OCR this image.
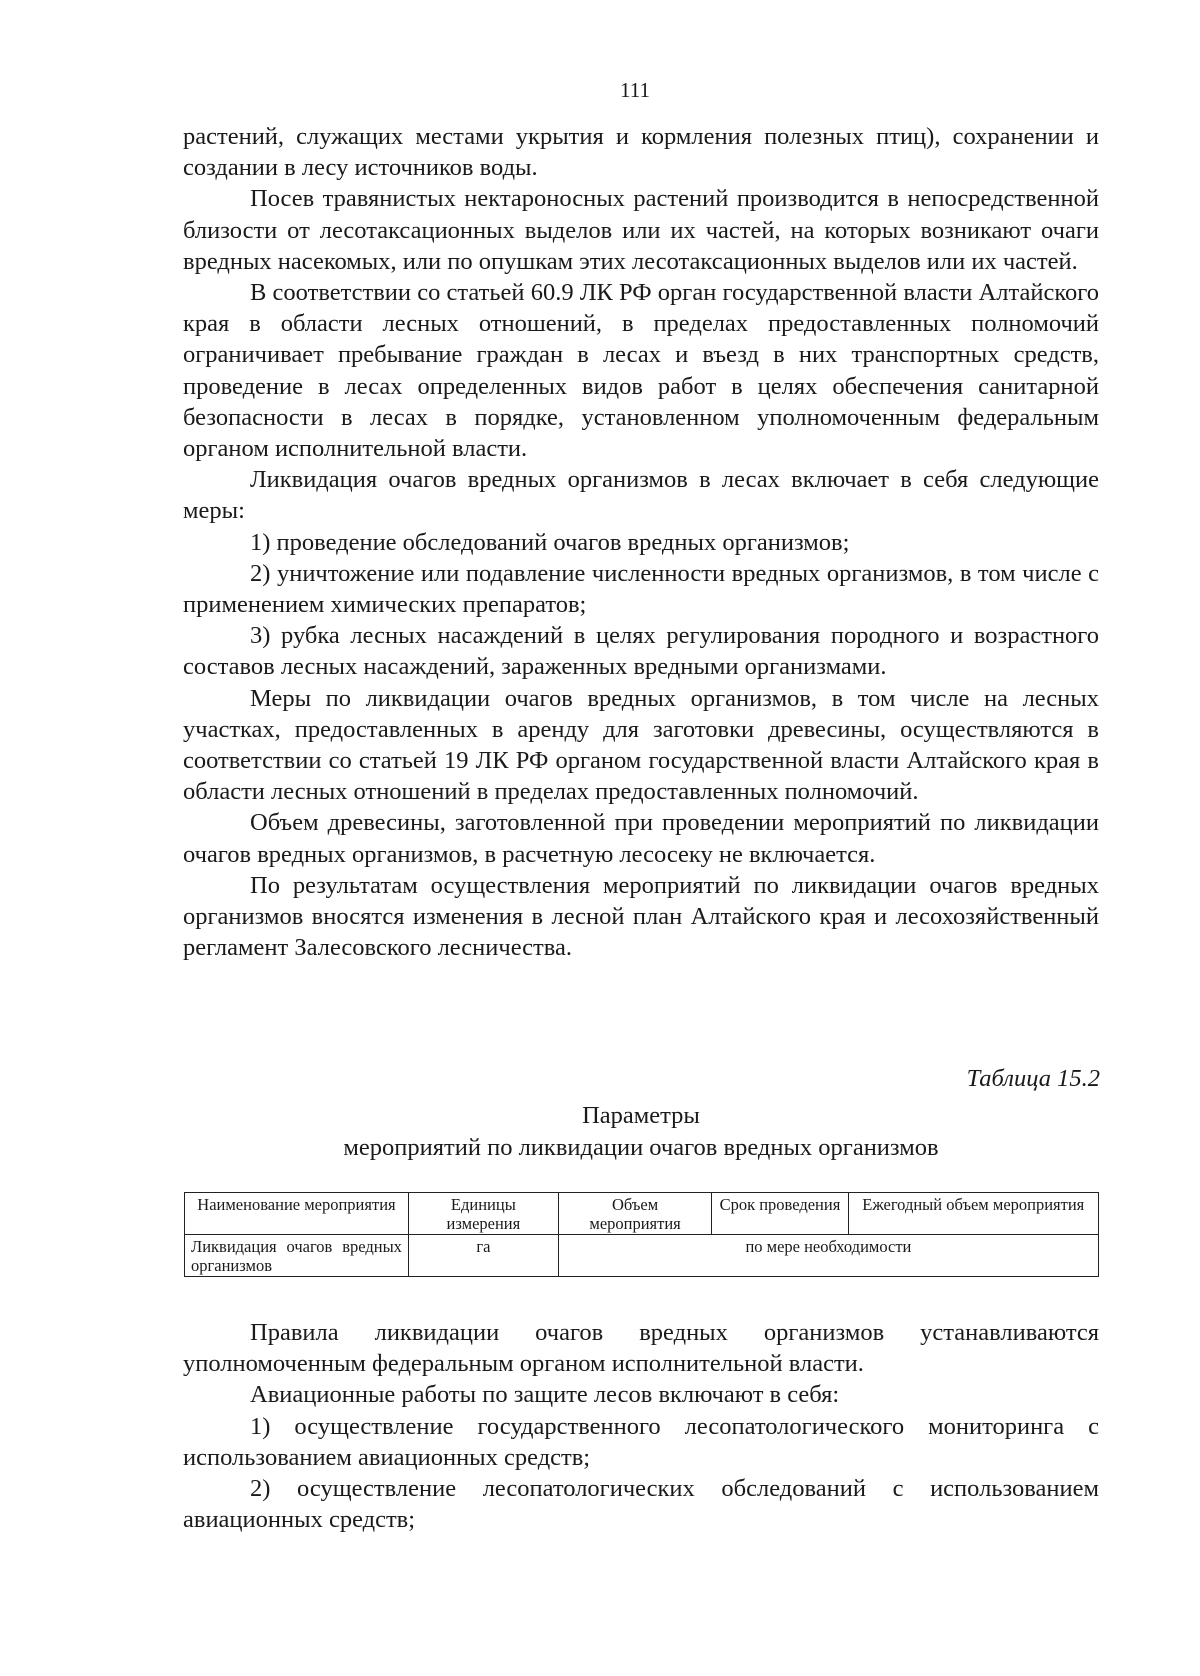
111

растений, служащих местами укрытия и кормления полезных птиц), сохранении и создании в лесу источников воды.

Посев травянистых нектароносных растений производится в непосредственной близости от лесотаксационных выделов или их частей, на которых возникают очаги вредных насекомых, или по опушкам этих лесотаксационных выделов или их частей.

В соответствии со статьей 60.9 ЛК РФ орган государственной власти Алтайского края в области лесных отношений, в пределах предоставленных полномочий ограничивает пребывание граждан в лесах и въезд в них транспортных средств, проведение в лесах определенных видов работ в целях обеспечения санитарной безопасности в лесах в порядке, установленном уполномоченным федеральным органом исполнительной власти.

Ликвидация очагов вредных организмов в лесах включает в себя следующие меры:

1) проведение обследований очагов вредных организмов;

2) уничтожение или подавление численности вредных организмов, в том числе с применением химических препаратов;

3) рубка лесных насаждений в целях регулирования породного и возрастного составов лесных насаждений, зараженных вредными организмами.

Меры по ликвидации очагов вредных организмов, в том числе на лесных участках, предоставленных в аренду для заготовки древесины, осуществляются в соответствии со статьей 19 ЛК РФ органом государственной власти Алтайского края в области лесных отношений в пределах предоставленных полномочий.

Объем древесины, заготовленной при проведении мероприятий по ликвидации очагов вредных организмов, в расчетную лесосеку не включается.

По результатам осуществления мероприятий по ликвидации очагов вредных организмов вносятся изменения в лесной план Алтайского края и лесохозяйственный регламент Залесовского лесничества.

Таблица 15.2
Параметры
мероприятий по ликвидации очагов вредных организмов
Наименование мероприятия	Единицы измерения	Объем мероприятия	Срок проведения	Ежегодный объем мероприятия
Ликвидация очагов вредных организмов	га	по мере необходимости		

Правила ликвидации очагов вредных организмов устанавливаются уполномоченным федеральным органом исполнительной власти.

Авиационные работы по защите лесов включают в себя:

1) осуществление государственного лесопатологического мониторинга с использованием авиационных средств;

2) осуществление лесопатологических обследований с использованием авиационных средств;
